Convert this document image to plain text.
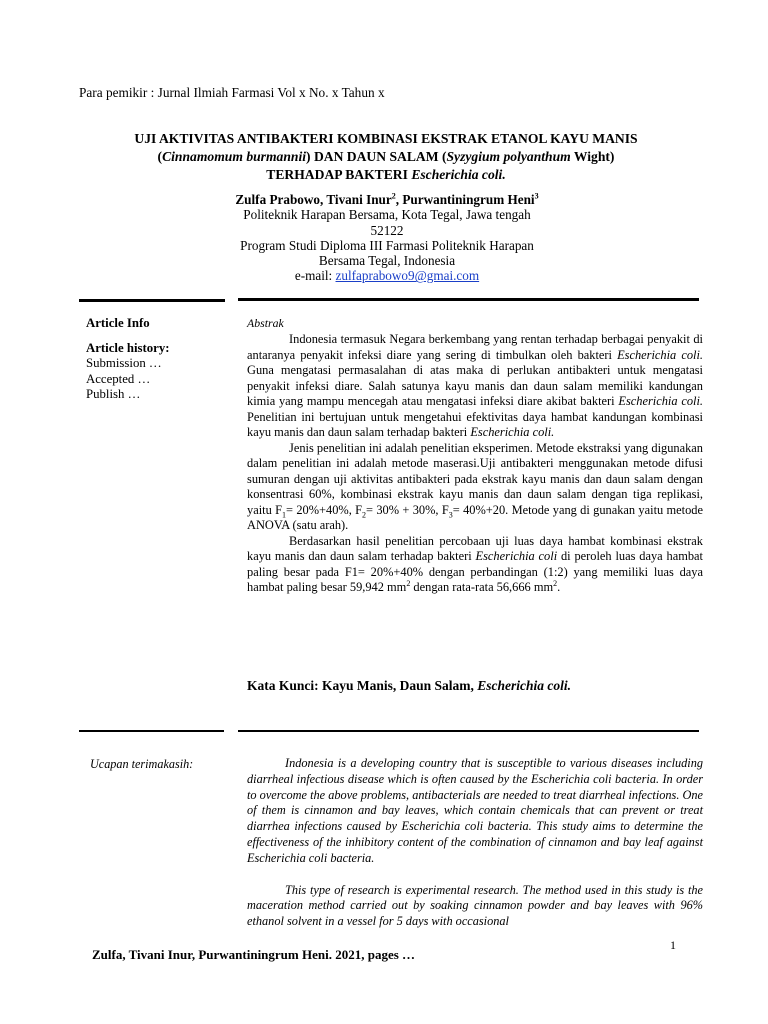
Para pemikir : Jurnal Ilmiah Farmasi Vol x No. x Tahun x
UJI AKTIVITAS ANTIBAKTERI KOMBINASI EKSTRAK ETANOL KAYU MANIS
(Cinnamomum burmannii) DAN DAUN SALAM (Syzygium polyanthum Wight)
TERHADAP BAKTERI Escherichia coli.
Zulfa Prabowo, Tivani Inur$^2$, Purwantiningrum Heni$^3$
Politeknik Harapan Bersama, Kota Tegal, Jawa tengah
52122
Program Studi Diploma III Farmasi Politeknik Harapan
Bersama Tegal, Indonesia
e-mail: zulfaprabowo9@gmai.com
Article Info
Article history:
Submission …
Accepted …
Publish …
Abstrak

Indonesia termasuk Negara berkembang yang rentan terhadap berbagai penyakit di antaranya penyakit infeksi diare yang sering di timbulkan oleh bakteri Escherichia coli. Guna mengatasi permasalahan di atas maka di perlukan antibakteri untuk mengatasi penyakit infeksi diare. Salah satunya kayu manis dan daun salam memiliki kandungan kimia yang mampu mencegah atau mengatasi infeksi diare akibat bakteri Escherichia coli. Penelitian ini bertujuan untuk mengetahui efektivitas daya hambat kandungan kombinasi kayu manis dan daun salam terhadap bakteri Escherichia coli.

Jenis penelitian ini adalah penelitian eksperimen. Metode ekstraksi yang digunakan dalam penelitian ini adalah metode maserasi.Uji antibakteri menggunakan metode difusi sumuran dengan uji aktivitas antibakteri pada ekstrak kayu manis dan daun salam dengan konsentrasi 60%, kombinasi ekstrak kayu manis dan daun salam dengan tiga replikasi, yaitu $F_1= 20\%+40\%$, $F_2= 30\% + 30\%$, $F_3= 40\%+20$. Metode yang di gunakan yaitu metode ANOVA (satu arah).

Berdasarkan hasil penelitian percobaan uji luas daya hambat kombinasi ekstrak kayu manis dan daun salam terhadap bakteri Escherichia coli di peroleh luas daya hambat paling besar pada F1= 20%+40% dengan perbandingan (1:2) yang memiliki luas daya hambat paling besar 59,942 $mm^2$ dengan rata-rata 56,666 $mm^2$.

Kata Kunci: Kayu Manis, Daun Salam, Escherichia coli.
Ucapan terimakasih:	Indonesia is a developing country that is susceptible to various diseases including diarrheal infectious disease which is often caused by the Escherichia coli bacteria. In order to overcome the above problems, antibacterials are needed to treat diarrheal infections. One of them is cinnamon and bay leaves, which contain chemicals that can prevent or treat diarrhea infections caused by Escherichia coli bacteria. This study aims to determine the effectiveness of the inhibitory content of the combination of cinnamon and bay leaf against Escherichia coli bacteria.

This type of research is experimental research. The method used in this study is the maceration method carried out by soaking cinnamon powder and bay leaves with 96% ethanol solvent in a vessel for 5 days with occasional

1
Zulfa, Tivani Inur, Purwantiningrum Heni. 2021, pages …
